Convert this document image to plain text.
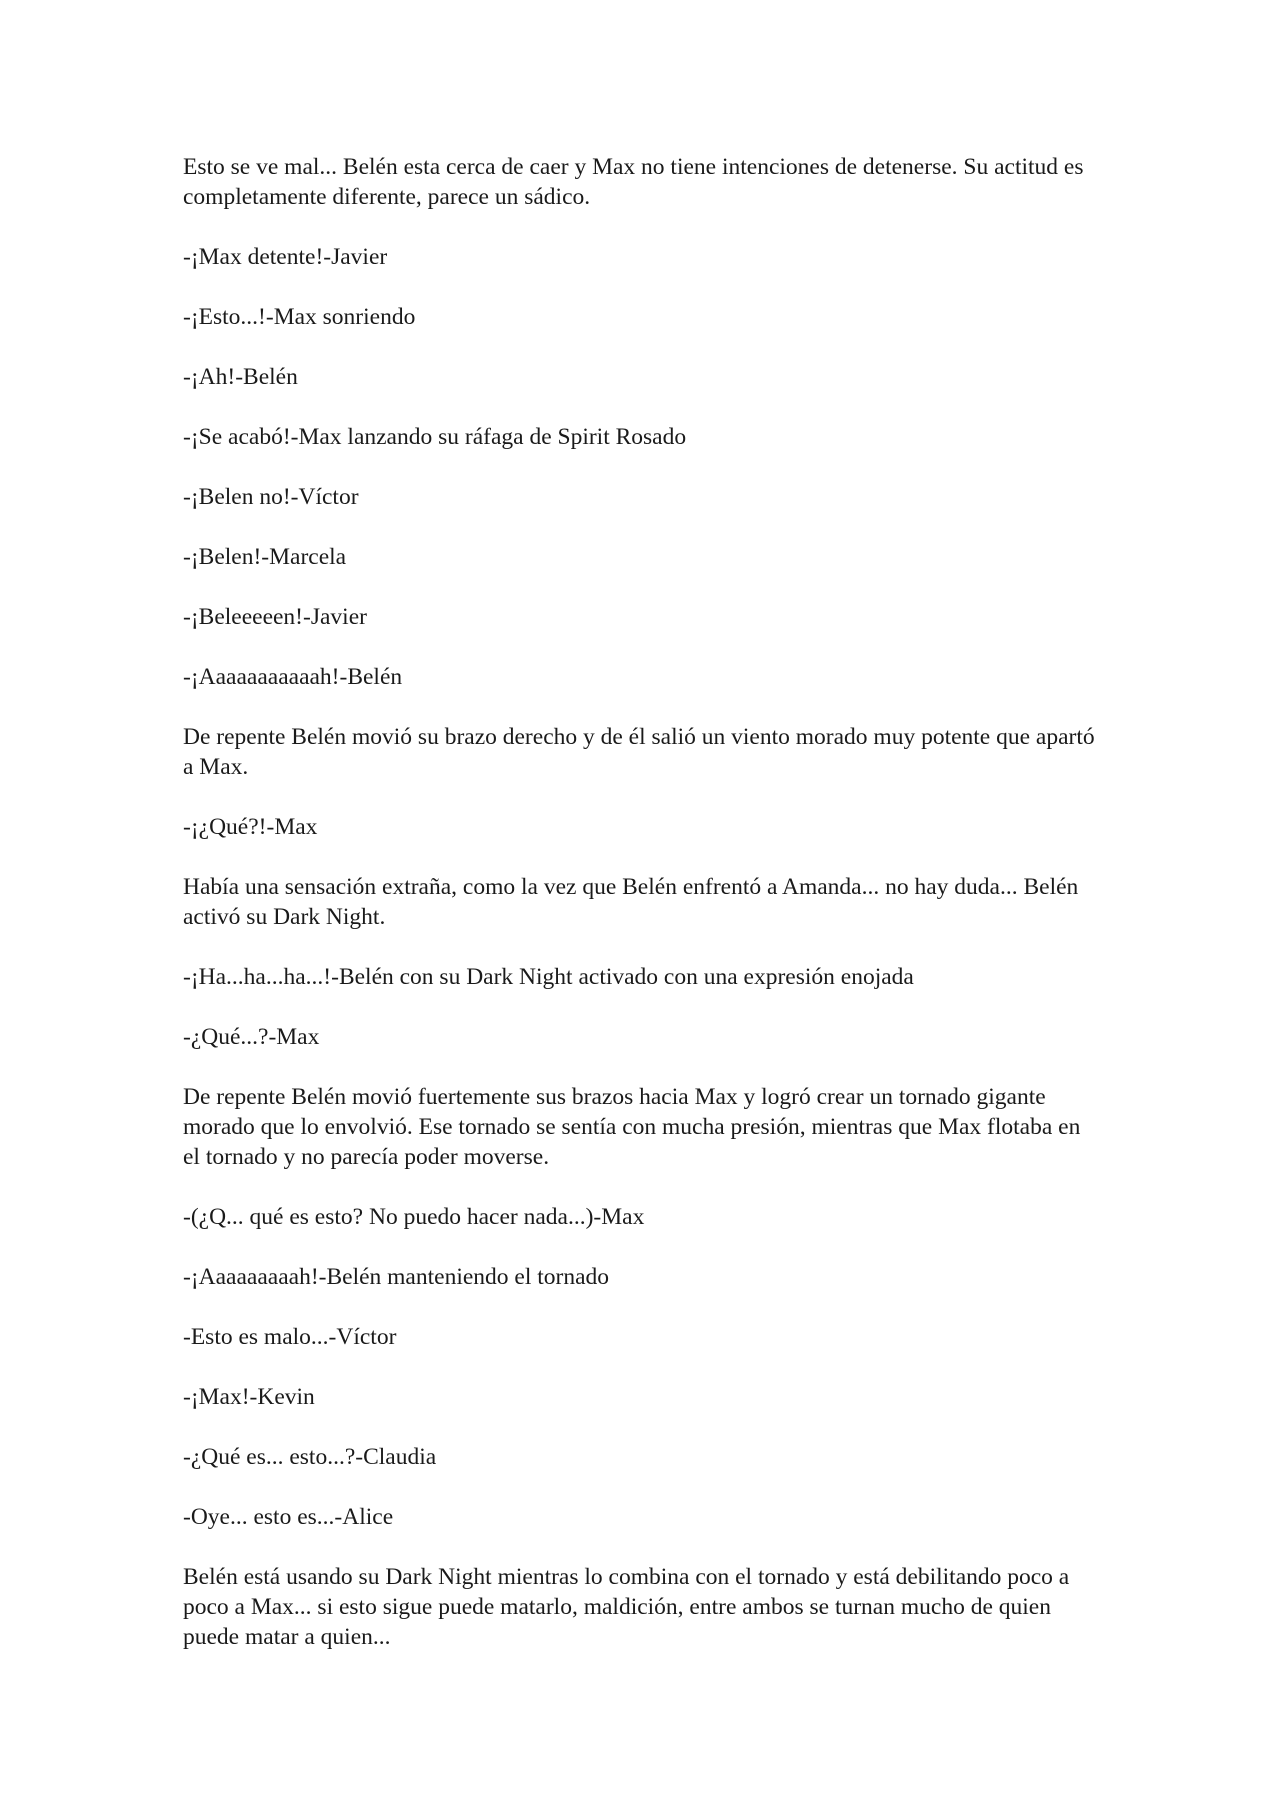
Esto se ve mal... Belén esta cerca de caer y Max no tiene intenciones de detenerse. Su actitud es completamente diferente, parece un sádico.

-¡Max detente!-Javier

-¡Esto...!-Max sonriendo

-¡Ah!-Belén

-¡Se acabó!-Max lanzando su ráfaga de Spirit Rosado

-¡Belen no!-Víctor

-¡Belen!-Marcela

-¡Beleeeeen!-Javier

-¡Aaaaaaaaaaah!-Belén

De repente Belén movió su brazo derecho y de él salió un viento morado muy potente que apartó a Max.

-¡¿Qué?!-Max

Había una sensación extraña, como la vez que Belén enfrentó a Amanda... no hay duda... Belén activó su Dark Night.

-¡Ha...ha...ha...!-Belén con su Dark Night activado con una expresión enojada

-¿Qué...?-Max

De repente Belén movió fuertemente sus brazos hacia Max y logró crear un tornado gigante morado que lo envolvió. Ese tornado se sentía con mucha presión, mientras que Max flotaba en el tornado y no parecía poder moverse.

-(¿Q... qué es esto? No puedo hacer nada...)-Max

-¡Aaaaaaaaah!-Belén manteniendo el tornado

-Esto es malo...-Víctor

-¡Max!-Kevin

-¿Qué es... esto...?-Claudia

-Oye... esto es...-Alice

Belén está usando su Dark Night mientras lo combina con el tornado y está debilitando poco a poco a Max... si esto sigue puede matarlo, maldición, entre ambos se turnan mucho de quien puede matar a quien...
